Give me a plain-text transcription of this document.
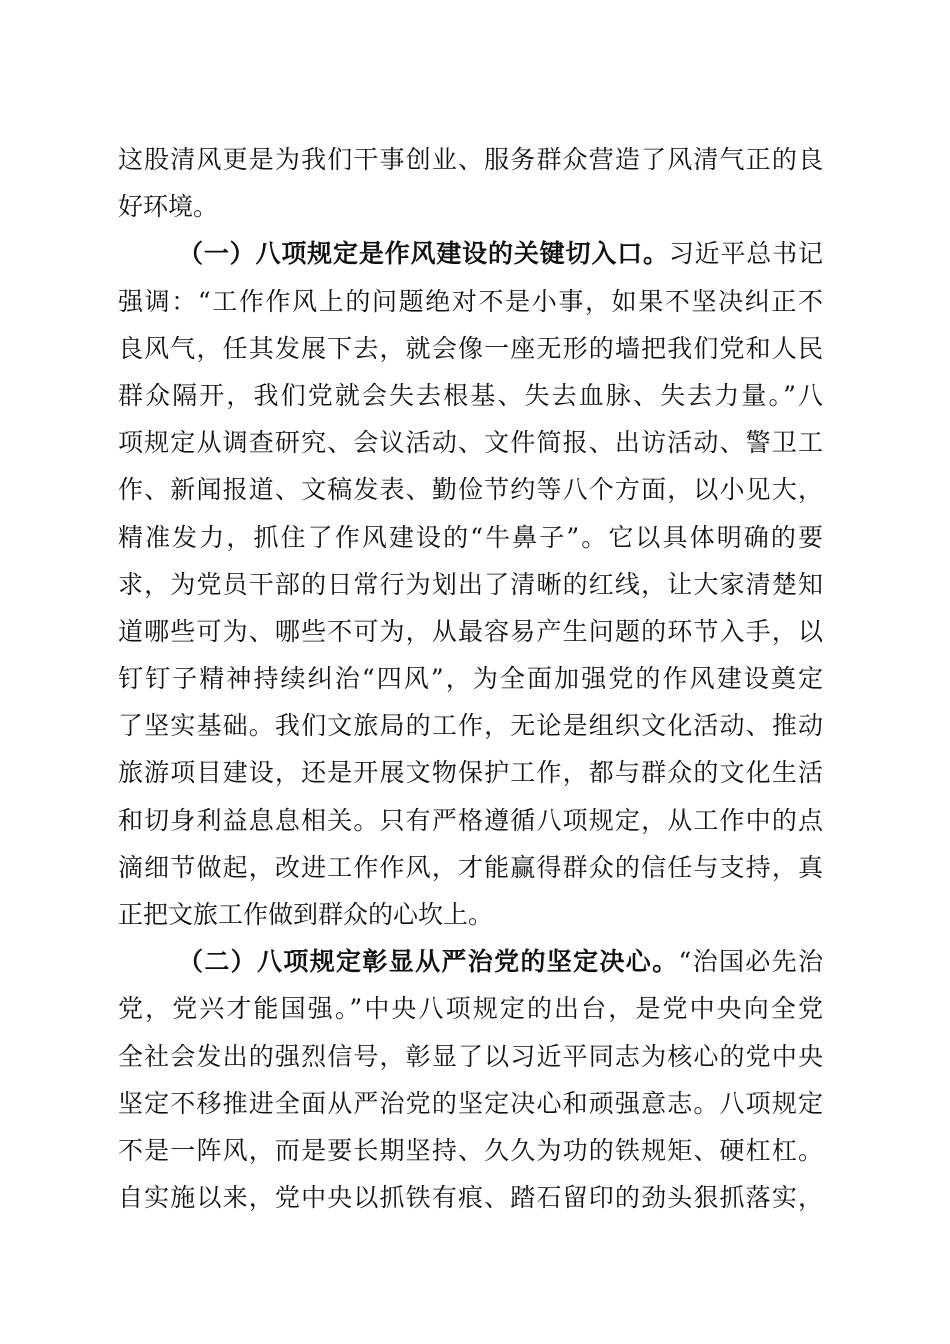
这股清风更是为我们干事创业、服务群众营造了风清气正的良
好环境。
（一）八项规定是作风建设的关键切入口。习近平总书记
强调：“工作作风上的问题绝对不是小事，如果不坚决纠正不
良风气，任其发展下去，就会像一座无形的墙把我们党和人民
群众隔开，我们党就会失去根基、失去血脉、失去力量。”八
项规定从调查研究、会议活动、文件简报、出访活动、警卫工
作、新闻报道、文稿发表、勤俭节约等八个方面，以小见大，
精准发力，抓住了作风建设的“牛鼻子”。它以具体明确的要
求，为党员干部的日常行为划出了清晰的红线，让大家清楚知
道哪些可为、哪些不可为，从最容易产生问题的环节入手，以
钉钉子精神持续纠治“四风”，为全面加强党的作风建设奠定
了坚实基础。我们文旅局的工作，无论是组织文化活动、推动
旅游项目建设，还是开展文物保护工作，都与群众的文化生活
和切身利益息息相关。只有严格遵循八项规定，从工作中的点
滴细节做起，改进工作作风，才能赢得群众的信任与支持，真
正把文旅工作做到群众的心坎上。
（二）八项规定彰显从严治党的坚定决心。“治国必先治
党，党兴才能国强。”中央八项规定的出台，是党中央向全党
全社会发出的强烈信号，彰显了以习近平同志为核心的党中央
坚定不移推进全面从严治党的坚定决心和顽强意志。八项规定
不是一阵风，而是要长期坚持、久久为功的铁规矩、硬杠杠。
自实施以来，党中央以抓铁有痕、踏石留印的劲头狠抓落实，
